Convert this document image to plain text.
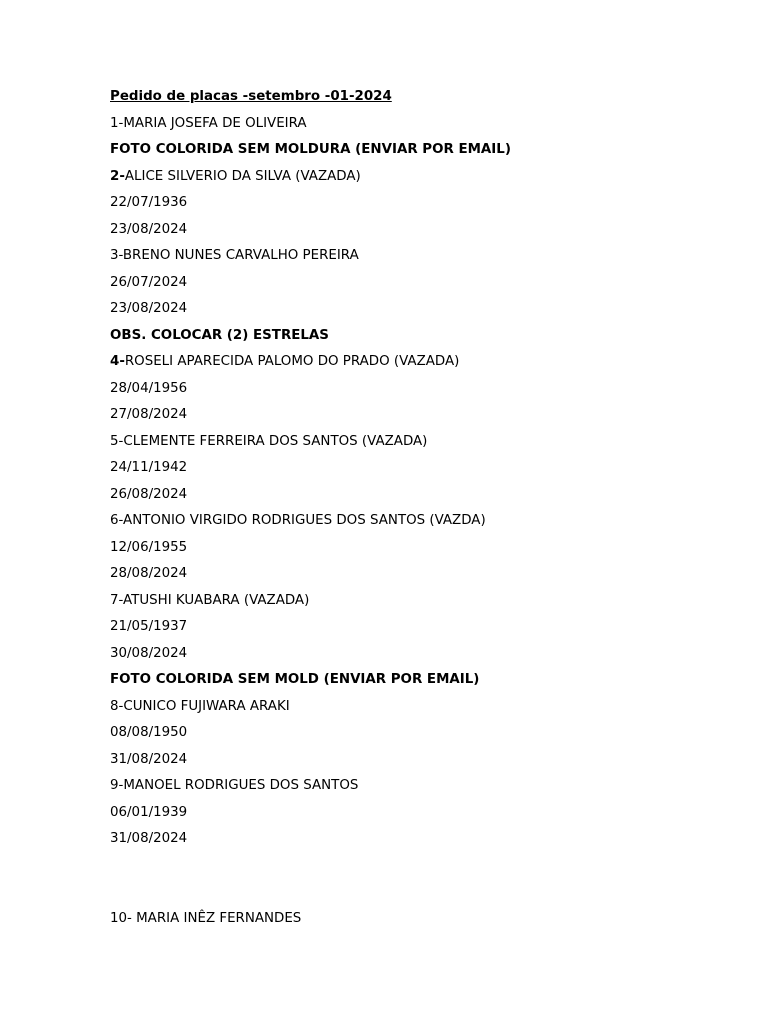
Pedido de placas -setembro -01-2024
1-MARIA JOSEFA DE OLIVEIRA
FOTO COLORIDA SEM MOLDURA (ENVIAR POR EMAIL)
2-ALICE SILVERIO DA SILVA (VAZADA)
22/07/1936
23/08/2024
3-BRENO NUNES CARVALHO PEREIRA
26/07/2024
23/08/2024
OBS. COLOCAR (2) ESTRELAS
4-ROSELI APARECIDA PALOMO DO PRADO (VAZADA)
28/04/1956
27/08/2024
5-CLEMENTE FERREIRA DOS SANTOS (VAZADA)
24/11/1942
26/08/2024
6-ANTONIO VIRGIDO RODRIGUES DOS SANTOS (VAZDA)
12/06/1955
28/08/2024
7-ATUSHI KUABARA (VAZADA)
21/05/1937
30/08/2024
FOTO COLORIDA SEM MOLD (ENVIAR POR EMAIL)
8-CUNICO FUJIWARA ARAKI
08/08/1950
31/08/2024
9-MANOEL RODRIGUES DOS SANTOS
06/01/1939
31/08/2024
10- MARIA INÊZ FERNANDES
